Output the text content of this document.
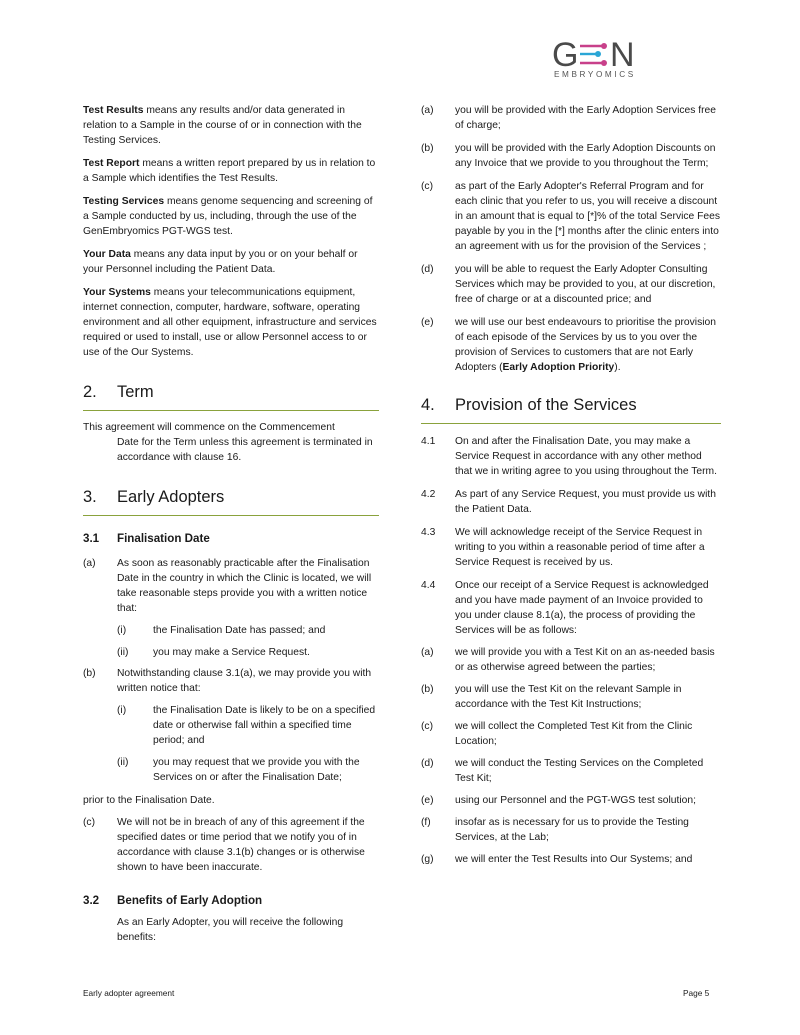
G N
EMBRYOMICS

Test Results means any results and/or data generated in relation to a Sample in the course of or in connection with the Testing Services.

Test Report means a written report prepared by us in relation to a Sample which identifies the Test Results.

Testing Services means genome sequencing and screening of a Sample conducted by us, including, through the use of the GenEmbryomics PGT-WGS test.

Your Data means any data input by you or on your behalf or your Personnel including the Patient Data.

Your Systems means your telecommunications equipment, internet connection, computer, hardware, software, operating environment and all other equipment, infrastructure and services required or used to install, use or allow Personnel access to or use of the Our Systems.

2.	Term

This agreement will commence on the Commencement

Date for the Term unless this agreement is terminated in accordance with clause 16.

3.	Early Adopters
3.1	Finalisation Date
(a)	As soon as reasonably practicable after the Finalisation Date in the country in which the Clinic is located, we will take reasonable steps provide you with a written notice that:
(i)	the Finalisation Date has passed; and
(ii)	you may make a Service Request.
(b)	Notwithstanding clause 3.1(a), we may provide you with written notice that:
(i)	the Finalisation Date is likely to be on a specified date or otherwise fall within a specified time period; and
(ii)	you may request that we provide you with the Services on or after the Finalisation Date;

prior to the Finalisation Date.

(c)	We will not be in breach of any of this agreement if the specified dates or time period that we notify you of in accordance with clause 3.1(b) changes or is otherwise shown to have been inaccurate.
3.2	Benefits of Early Adoption

As an Early Adopter, you will receive the following benefits:

(a)	you will be provided with the Early Adoption Services free of charge;
(b)	you will be provided with the Early Adoption Discounts on any Invoice that we provide to you throughout the Term;
(c)	as part of the Early Adopter's Referral Program and for each clinic that you refer to us, you will receive a discount in an amount that is equal to [*]% of the total Service Fees payable by you in the [*] months after the clinic enters into an agreement with us for the provision of the Services ;
(d)	you will be able to request the Early Adopter Consulting Services which may be provided to you, at our discretion, free of charge or at a discounted price; and
(e)	we will use our best endeavours to prioritise the provision of each episode of the Services by us to you over the provision of Services to customers that are not Early Adopters (Early Adoption Priority).
4.	Provision of the Services
4.1	On and after the Finalisation Date, you may make a Service Request in accordance with any other method that we in writing agree to you using throughout the Term.
4.2	As part of any Service Request, you must provide us with the Patient Data.
4.3	We will acknowledge receipt of the Service Request in writing to you within a reasonable period of time after a Service Request is received by us.
4.4	Once our receipt of a Service Request is acknowledged and you have made payment of an Invoice provided to you under clause 8.1(a), the process of providing the Services will be as follows:
(a)	we will provide you with a Test Kit on an as-needed basis or as otherwise agreed between the parties;
(b)	you will use the Test Kit on the relevant Sample in accordance with the Test Kit Instructions;
(c)	we will collect the Completed Test Kit from the Clinic Location;
(d)	we will conduct the Testing Services on the Completed Test Kit;
(e)	using our Personnel and the PGT-WGS test solution;
(f)	insofar as is necessary for us to provide the Testing Services, at the Lab;
(g)	we will enter the Test Results into Our Systems; and
Early adopter agreement	Page 5
